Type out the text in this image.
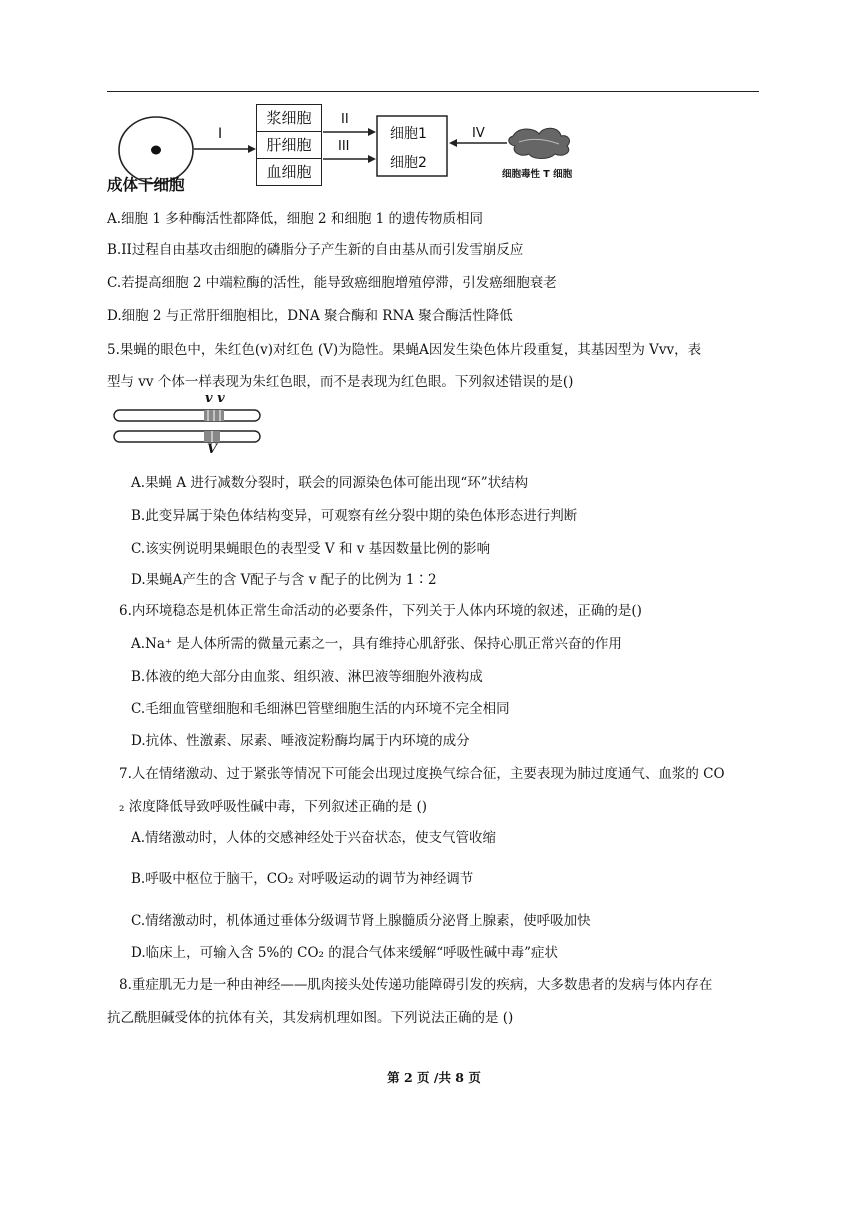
成体干细胞
I
浆细胞
肝细胞
血细胞
II
III
细胞1
细胞2
IV
细胞毒性 T 细胞
A.细胞 1 多种酶活性都降低，细胞 2 和细胞 1 的遗传物质相同
B.II过程自由基攻击细胞的磷脂分子产生新的自由基从而引发雪崩反应
C.若提高细胞 2 中端粒酶的活性，能导致癌细胞增殖停滞，引发癌细胞衰老
D.细胞 2 与正常肝细胞相比，DNA 聚合酶和 RNA 聚合酶活性降低
5.果蝇的眼色中，朱红色(v)对红色 (V)为隐性。果蝇A因发生染色体片段重复，其基因型为 Vvv，表
型与 vv 个体一样表现为朱红色眼，而不是表现为红色眼。下列叙述错误的是()
v v
V
A.果蝇 A 进行减数分裂时，联会的同源染色体可能出现“环”状结构
B.此变异属于染色体结构变异，可观察有丝分裂中期的染色体形态进行判断
C.该实例说明果蝇眼色的表型受 V 和 v 基因数量比例的影响
D.果蝇A产生的含 V配子与含 v 配子的比例为 1∶2
6.内环境稳态是机体正常生命活动的必要条件，下列关于人体内环境的叙述，正确的是()
A.Na⁺ 是人体所需的微量元素之一，具有维持心肌舒张、保持心肌正常兴奋的作用
B.体液的绝大部分由血浆、组织液、淋巴液等细胞外液构成
C.毛细血管壁细胞和毛细淋巴管壁细胞生活的内环境不完全相同
D.抗体、性激素、尿素、唾液淀粉酶均属于内环境的成分
7.人在情绪激动、过于紧张等情况下可能会出现过度换气综合征，主要表现为肺过度通气、血浆的 CO
₂ 浓度降低导致呼吸性碱中毒，下列叙述正确的是 ()
A.情绪激动时，人体的交感神经处于兴奋状态，使支气管收缩
B.呼吸中枢位于脑干，CO₂ 对呼吸运动的调节为神经调节
C.情绪激动时，机体通过垂体分级调节肾上腺髓质分泌肾上腺素，使呼吸加快
D.临床上，可输入含 5%的 CO₂ 的混合气体来缓解“呼吸性碱中毒”症状
8.重症肌无力是一种由神经——肌肉接头处传递功能障碍引发的疾病，大多数患者的发病与体内存在
抗乙酰胆碱受体的抗体有关，其发病机理如图。下列说法正确的是 ()
第 2 页 /共 8 页
